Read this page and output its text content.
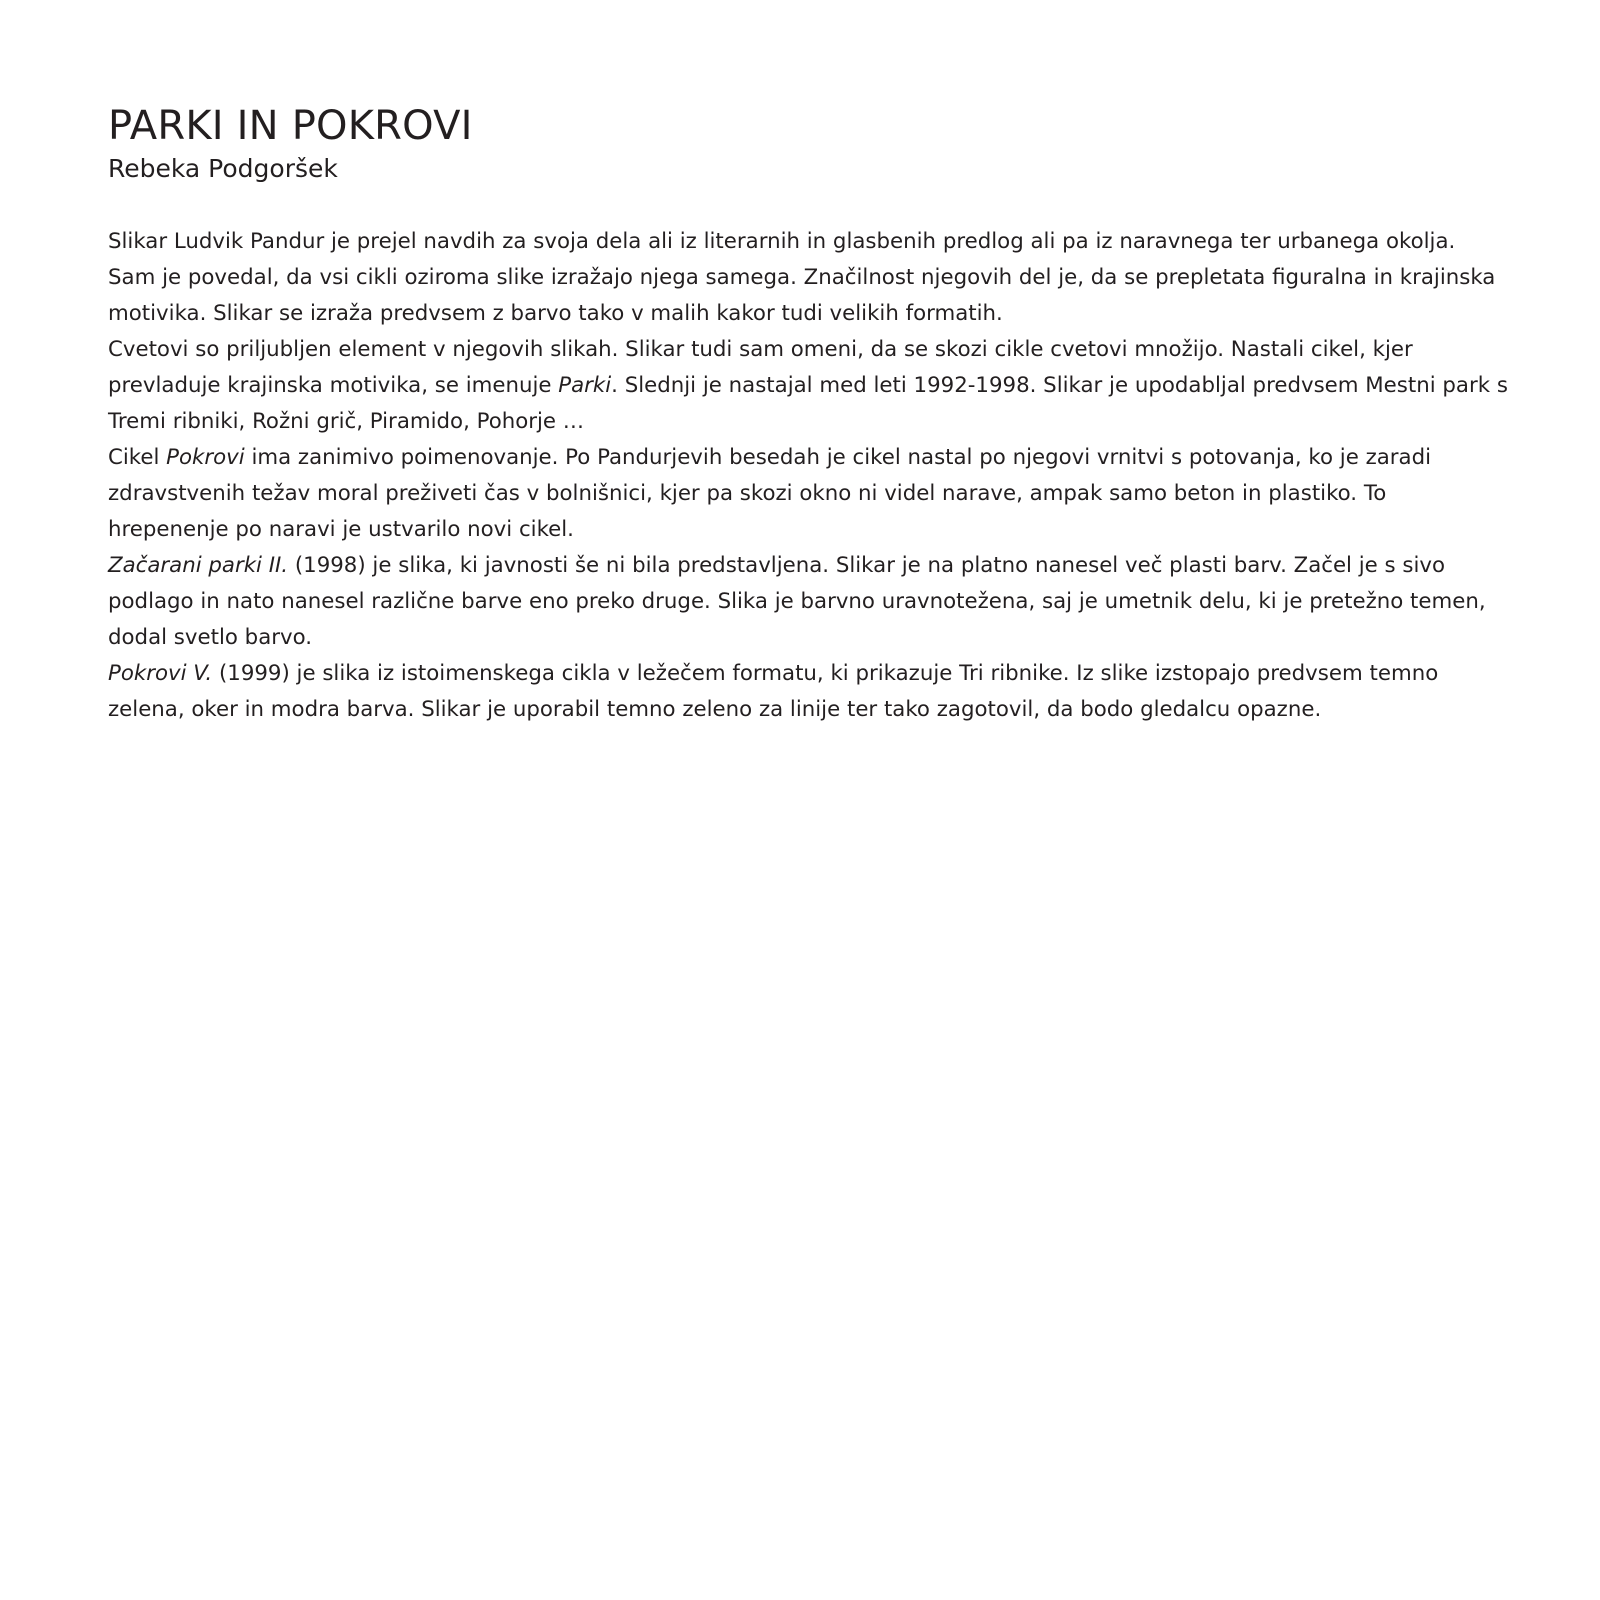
PARKI IN POKROVI
Rebeka Podgoršek

Slikar Ludvik Pandur je prejel navdih za svoja dela ali iz literarnih in glasbenih predlog ali pa iz naravnega ter urbanega okolja. Sam je povedal, da vsi cikli oziroma slike izražajo njega samega. Značilnost njegovih del je, da se prepletata figuralna in krajinska motivika. Slikar se izraža predvsem z barvo tako v malih kakor tudi velikih formatih.

Cvetovi so priljubljen element v njegovih slikah. Slikar tudi sam omeni, da se skozi cikle cvetovi množijo. Nastali cikel, kjer prevladuje krajinska motivika, se imenuje Parki. Slednji je nastajal med leti 1992-1998. Slikar je upodabljal predvsem Mestni park s Tremi ribniki, Rožni grič, Piramido, Pohorje …

Cikel Pokrovi ima zanimivo poimenovanje. Po Pandurjevih besedah je cikel nastal po njegovi vrnitvi s potovanja, ko je zaradi zdravstvenih težav moral preživeti čas v bolnišnici, kjer pa skozi okno ni videl narave, ampak samo beton in plastiko. To hrepenenje po naravi je ustvarilo novi cikel.

Začarani parki II. (1998) je slika, ki javnosti še ni bila predstavljena. Slikar je na platno nanesel več plasti barv. Začel je s sivo podlago in nato nanesel različne barve eno preko druge. Slika je barvno uravnotežena, saj je umetnik delu, ki je pretežno temen, dodal svetlo barvo.

Pokrovi V. (1999) je slika iz istoimenskega cikla v ležečem formatu, ki prikazuje Tri ribnike. Iz slike izstopajo predvsem temno zelena, oker in modra barva. Slikar je uporabil temno zeleno za linije ter tako zagotovil, da bodo gledalcu opazne.
